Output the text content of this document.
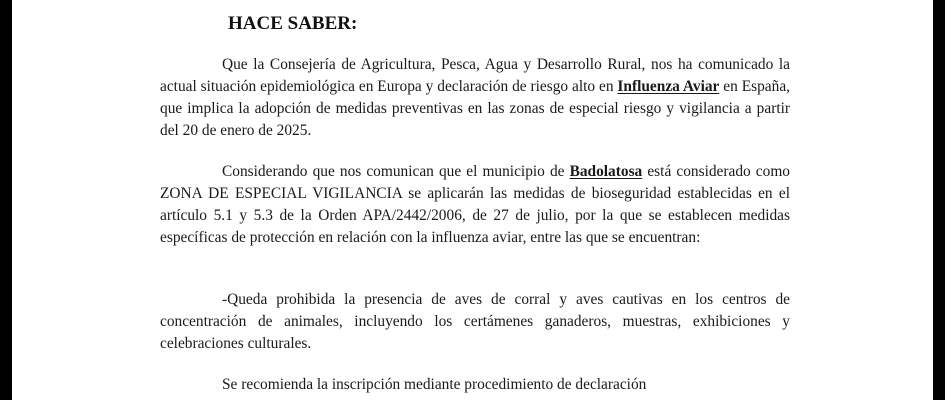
HACE SABER:

Que la Consejería de Agricultura, Pesca, Agua y Desarrollo Rural, nos ha comunicado la actual situación epidemiológica en Europa y declaración de riesgo alto en Influenza Aviar en España, que implica la adopción de medidas preventivas en las zonas de especial riesgo y vigilancia a partir del 20 de enero de 2025.

Considerando que nos comunican que el municipio de Badolatosa está considerado como ZONA DE ESPECIAL VIGILANCIA se aplicarán las medidas de bioseguridad establecidas en el artículo 5.1 y 5.3 de la Orden APA/2442/2006, de 27 de julio, por la que se establecen medidas específicas de protección en relación con la influenza aviar, entre las que se encuentran:

-Queda prohibida la presencia de aves de corral y aves cautivas en los centros de concentración de animales, incluyendo los certámenes ganaderos, muestras, exhibiciones y celebraciones culturales.

Se recomienda la inscripción mediante procedimiento de declaración
